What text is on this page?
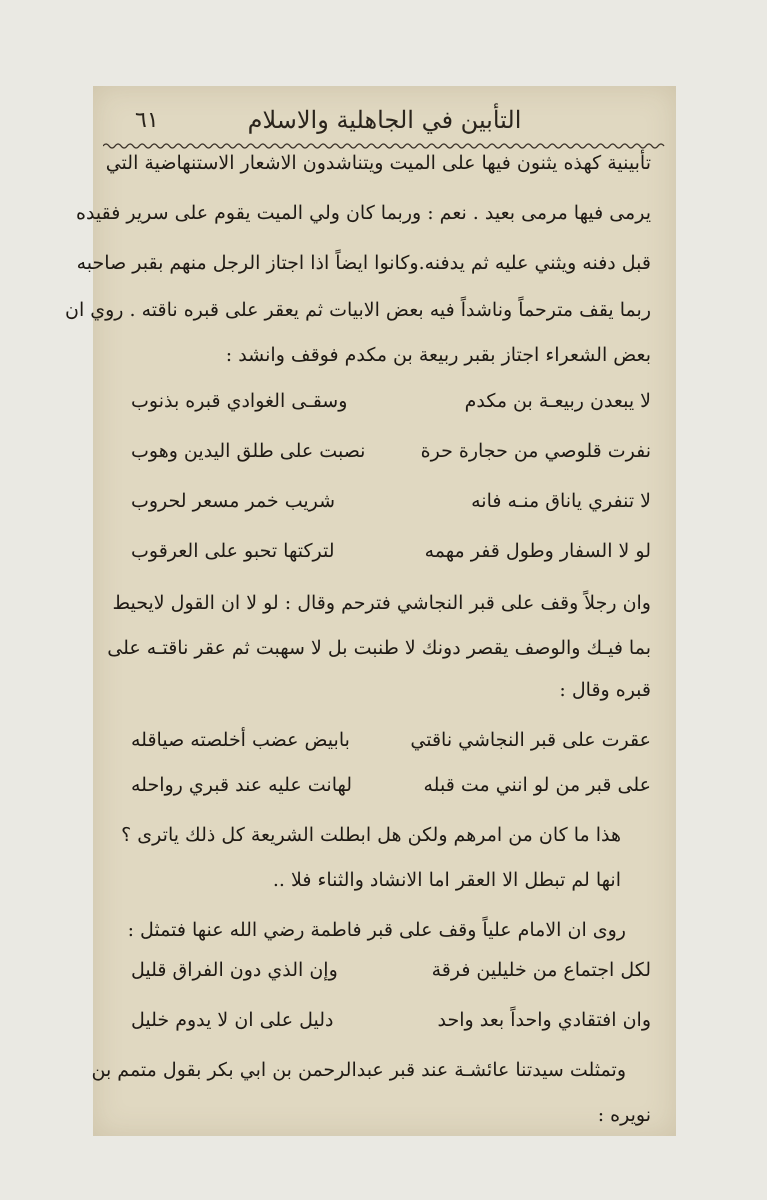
التأبين في الجاهلية والاسلام
٦١
تأبينية كهذه يثنون فيها على الميت ويتناشدون الاشعار الاستنهاضية التي
يرمى فيها مرمى بعيد . نعم : وربما كان ولي الميت يقوم على سرير فقيده
قبل دفنه ويثني عليه ثم يدفنه.وكانوا ايضاً اذا اجتاز الرجل منهم بقبر صاحبه
ربما يقف مترحماً وناشداً فيه بعض الابيات ثم يعقر على قبره ناقته . روي ان
بعض الشعراء اجتاز بقبر ربيعة بن مكدم فوقف وانشد :
لا يبعدن ربيعـة بن مكدم
وسقـى الغوادي قبره بذنوب
نفرت قلوصي من حجارة حرة
نصبت على طلق اليدين وهوب
لا تنفري ياناق منـه فانه
شريب خمر مسعر لحروب
لو لا السفار وطول قفر مهمه
لتركتها تحبو على العرقوب
وان رجلاً وقف على قبر النجاشي فترحم وقال : لو لا ان القول لايحيط
بما فيـك والوصف يقصر دونك لا طنبت بل لا سهبت ثم عقر ناقتـه على
قبره وقال :
عقرت على قبر النجاشي ناقتي
بابيض عضب أخلصته صياقله
على قبر من لو انني مت قبله
لهانت عليه عند قبري رواحله
هذا ما كان من امرهم ولكن هل ابطلت الشريعة كل ذلك ياترى ؟
انها لم تبطل الا العقر اما الانشاد والثناء فلا ..
روى ان الامام علياً وقف على قبر فاطمة رضي الله عنها فتمثل :
لكل اجتماع من خليلين فرقة
وإن الذي دون الفراق قليل
وان افتقادي واحداً بعد واحد
دليل على ان لا يدوم خليل
وتمثلت سيدتنا عائشـة عند قبر عبدالرحمن بن ابي بكر بقول متمم بن
نويره :
